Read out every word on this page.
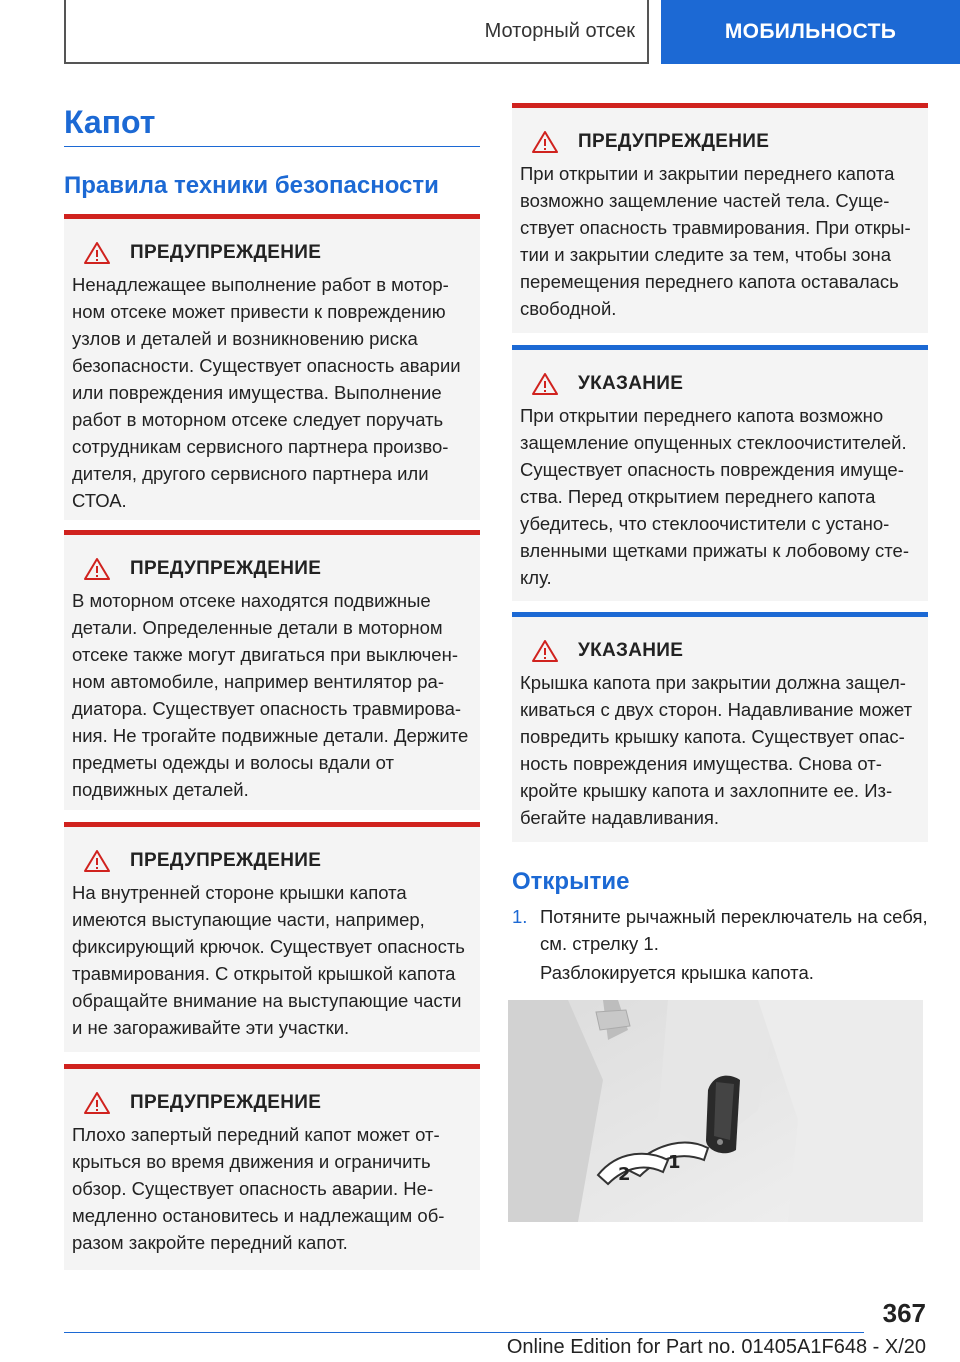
Моторный отсек	МОБИЛЬНОСТЬ
Капот
Правила техники безопасности
ПРЕДУПРЕЖДЕНИЕ

Ненадлежащее выполнение работ в моторном отсеке может привести к повреждению узлов и деталей и возникновению риска безопасности. Существует опасность аварии или повреждения имущества. Выполнение работ в моторном отсеке следует поручать сотрудникам сервисного партнера производителя, другого сервисного партнера или СТОА.

ПРЕДУПРЕЖДЕНИЕ

В моторном отсеке находятся подвижные детали. Определенные детали в моторном отсеке также могут двигаться при выключенном автомобиле, например вентилятор радиатора. Существует опасность травмирования. Не трогайте подвижные детали. Держите предметы одежды и волосы вдали от подвижных деталей.

ПРЕДУПРЕЖДЕНИЕ

На внутренней стороне крышки капота имеются выступающие части, например, фиксирующий крючок. Существует опасность травмирования. С открытой крышкой капота обращайте внимание на выступающие части и не загораживайте эти участки.

ПРЕДУПРЕЖДЕНИЕ

Плохо запертый передний капот может открыться во время движения и ограничить обзор. Существует опасность аварии. Немедленно остановитесь и надлежащим образом закройте передний капот.

ПРЕДУПРЕЖДЕНИЕ

При открытии и закрытии переднего капота возможно защемление частей тела. Существует опасность травмирования. При открытии и закрытии следите за тем, чтобы зона перемещения переднего капота оставалась свободной.

УКАЗАНИЕ

При открытии переднего капота возможно защемление опущенных стеклоочистителей. Существует опасность повреждения имущества. Перед открытием переднего капота убедитесь, что стеклоочистители с установленными щетками прижаты к лобовому стеклу.

УКАЗАНИЕ

Крышка капота при закрытии должна защелкиваться с двух сторон. Надавливание может повредить крышку капота. Существует опасность повреждения имущества. Снова откройте крышку капота и захлопните ее. Избегайте надавливания.

Открытие
1. Потяните рычажный переключатель на себя, см. стрелку 1.
Разблокируется крышка капота.
1
2
367
Online Edition for Part no. 01405A1F648 - X/20
